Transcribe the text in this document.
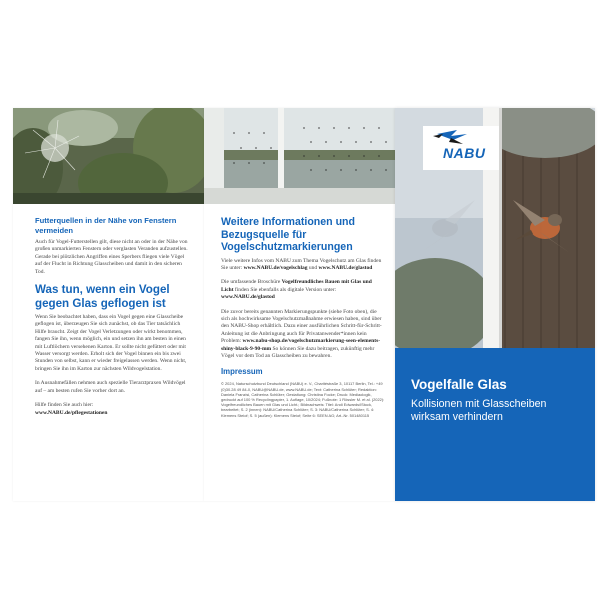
Futterquellen in der Nähe von Fenstern vermeiden
Auch für Vogel-Futterstellen gilt, diese nicht an oder in der Nähe von großen unmarkierten Fenstern oder verglasten Veranden aufzustellen. Gerade bei plötzlichen Angriffen eines Sperbers fliegen viele Vögel auf der Flucht in Richtung Glasscheiben und damit in den sicheren Tod.
Was tun, wenn ein Vogel gegen Glas geflogen ist
Wenn Sie beobachtet haben, dass ein Vogel gegen eine Glasscheibe geflogen ist, überzeugen Sie sich zunächst, ob das Tier tatsächlich Hilfe braucht. Zeigt der Vogel Verletzungen oder wirkt benommen, fangen Sie ihn, wenn möglich, ein und setzen ihn am besten in einen mit Luftlöchern versehenen Karton. Er sollte nicht gefüttert oder mit Wasser versorgt werden. Erholt sich der Vogel binnen ein bis zwei Stunden von selbst, kann er wieder freigelassen werden. Wenn nicht, bringen Sie ihn im Karton zur nächsten Wildvogelstation.
In Ausnahmefällen nehmen auch spezielle Tierarztpraxen Wildvögel auf – am besten rufen Sie vorher dort an.
Hilfe finden Sie auch hier:
www.NABU.de/pflegestationen
Weitere Informationen und Bezugsquelle für Vogelschutzmarkierungen
Viele weitere Infos vom NABU zum Thema Vogelschutz am Glas finden Sie unter: www.NABU.de/vogelschlag und www.NABU.de/glastod
Die umfassende Broschüre Vogelfreundliches Bauen mit Glas und Licht finden Sie ebenfalls als digitale Version unter: www.NABU.de/glastod
Die zuvor bereits genannten Markierungspunkte (siehe Foto oben), die sich als hochwirksame Vogelschutzmaßnahme erwiesen haben, sind über den NABU-Shop erhältlich. Dazu einer ausführlichen Schritt-für-Schritt-Anleitung ist die Anbringung auch für Privatanwender*innen kein Problem: www.nabu-shop.de/vogelschutzmarkierung-seen-elements-shiny-black-9-90-mm So können Sie dazu beitragen, zukünftig mehr Vögel vor dem Tod an Glasscheiben zu bewahren.
Impressum
© 2024, Naturschutzbund Deutschland (NABU) e. V., Charitéstraße 3, 10117 Berlin, Tel.: +49 (0)30.28 49 84-0, NABU@NABU.de, www.NABU.de; Text: Catherina Schlüter; Redaktion: Daniela Franzisi, Catherina Schlüter; Gestaltung: Christina Focke; Druck: Mediaologik, gedruckt auf 100 % Recyclingpapier, 1. Auflage, 10/2024; Fußnote: 1 Rössler M. et al. (2022): Vogelfreundliches Bauen mit Glas und Licht.; Bildnachweis: Titel: Andi Edwards/iStock, bearbeitet; S. 2 (innen): NABU/Catherina Schlüter; S. 3: NABU/Catherina Schlüter; S. 4: Klemens Steiof; S. 5 (außen): Klemens Steiof; Seite 6: SEEN AG; Art.-Nr. 501480115
NABU
Vogelfalle Glas
Kollisionen mit Glasscheiben wirksam verhindern
